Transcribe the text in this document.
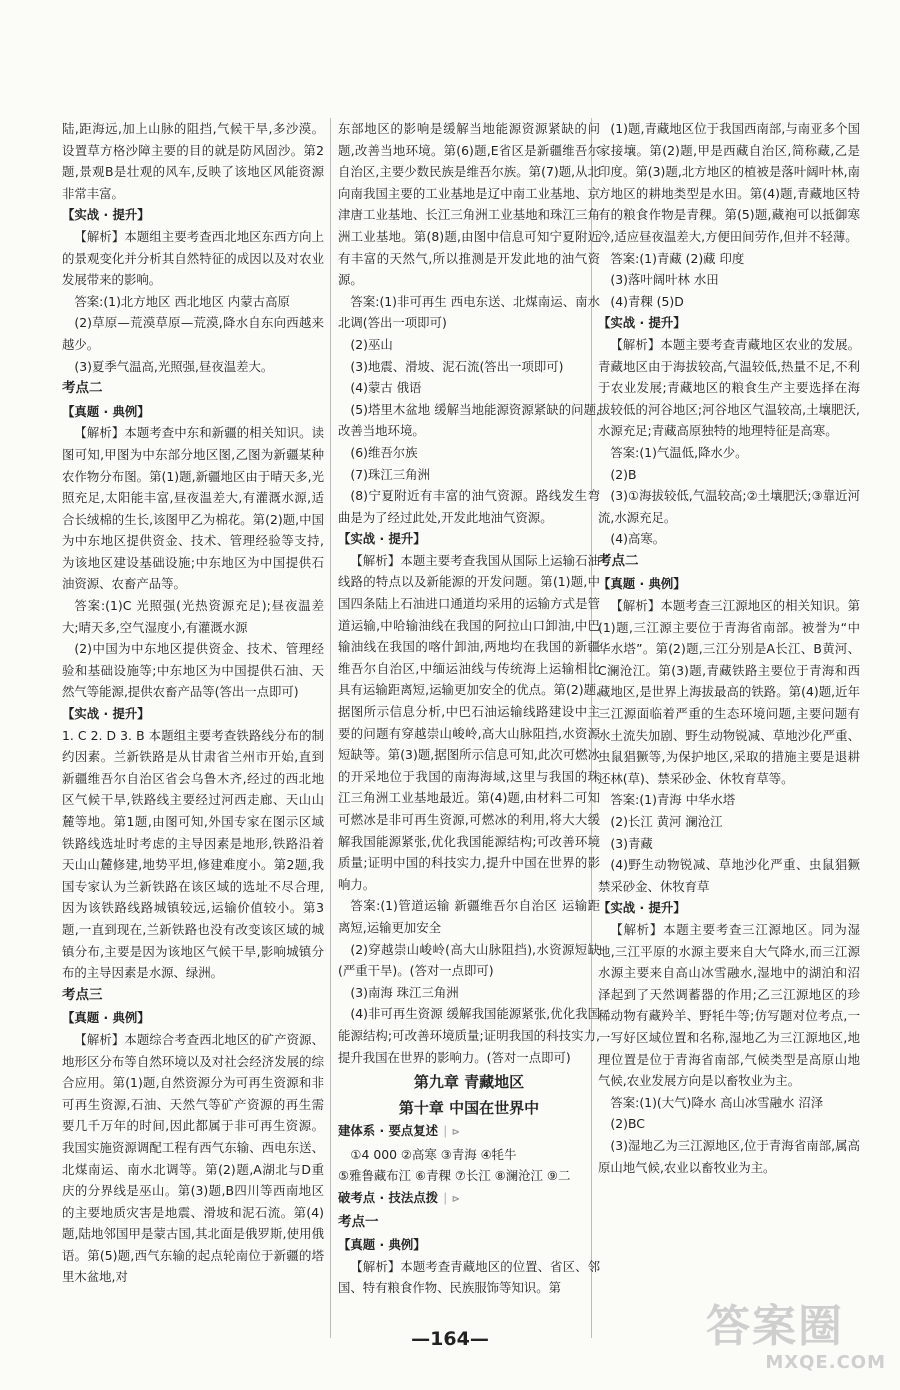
陆,距海远,加上山脉的阻挡,气候干旱,多沙漠。设置草方格沙障主要的目的就是防风固沙。第2题,景观B是壮观的风车,反映了该地区风能资源非常丰富。

【实战 · 提升】

【解析】本题组主要考查西北地区东西方向上的景观变化并分析其自然特征的成因以及对农业发展带来的影响。

答案:(1)北方地区 西北地区 内蒙古高原

(2)草原—荒漠草原—荒漠,降水自东向西越来越少。

(3)夏季气温高,光照强,昼夜温差大。

考点二

【真题 · 典例】

【解析】本题考查中东和新疆的相关知识。读图可知,甲图为中东部分地区图,乙图为新疆某种农作物分布图。第(1)题,新疆地区由于晴天多,光照充足,太阳能丰富,昼夜温差大,有灌溉水源,适合长绒棉的生长,该图甲乙为棉花。第(2)题,中国为中东地区提供资金、技术、管理经验等支持,为该地区建设基础设施;中东地区为中国提供石油资源、农畜产品等。

答案:(1)C 光照强(光热资源充足);昼夜温差大;晴天多,空气湿度小,有灌溉水源

(2)中国为中东地区提供资金、技术、管理经验和基础设施等;中东地区为中国提供石油、天然气等能源,提供农畜产品等(答出一点即可)

【实战 · 提升】

1. C 2. D 3. B 本题组主要考查铁路线分布的制约因素。兰新铁路是从甘肃省兰州市开始,直到新疆维吾尔自治区省会乌鲁木齐,经过的西北地区气候干旱,铁路线主要经过河西走廊、天山山麓等地。第1题,由图可知,外国专家在图示区域铁路线选址时考虑的主导因素是地形,铁路沿着天山山麓修建,地势平坦,修建难度小。第2题,我国专家认为兰新铁路在该区域的选址不尽合理,因为该铁路线路城镇较远,运输价值较小。第3题,一直到现在,兰新铁路也没有改变该区域的城镇分布,主要是因为该地区气候干旱,影响城镇分布的主导因素是水源、绿洲。

考点三

【真题 · 典例】

【解析】本题综合考查西北地区的矿产资源、地形区分布等自然环境以及对社会经济发展的综合应用。第(1)题,自然资源分为可再生资源和非可再生资源,石油、天然气等矿产资源的再生需要几千万年的时间,因此都属于非可再生资源。我国实施资源调配工程有西气东输、西电东送、北煤南运、南水北调等。第(2)题,A湖北与D重庆的分界线是巫山。第(3)题,B四川等西南地区的主要地质灾害是地震、滑坡和泥石流。第(4)题,陆地邻国甲是蒙古国,其北面是俄罗斯,使用俄语。第(5)题,西气东输的起点轮南位于新疆的塔里木盆地,对

东部地区的影响是缓解当地能源资源紧缺的问题,改善当地环境。第(6)题,E省区是新疆维吾尔自治区,主要少数民族是维吾尔族。第(7)题,从北向南我国主要的工业基地是辽中南工业基地、京津唐工业基地、长江三角洲工业基地和珠江三角洲工业基地。第(8)题,由图中信息可知宁夏附近有丰富的天然气,所以推测是开发此地的油气资源。

答案:(1)非可再生 西电东送、北煤南运、南水北调(答出一项即可)

(2)巫山

(3)地震、滑坡、泥石流(答出一项即可)

(4)蒙古 俄语

(5)塔里木盆地 缓解当地能源资源紧缺的问题,改善当地环境。

(6)维吾尔族

(7)珠江三角洲

(8)宁夏附近有丰富的油气资源。路线发生弯曲是为了经过此处,开发此地油气资源。

【实战 · 提升】

【解析】本题主要考查我国从国际上运输石油线路的特点以及新能源的开发问题。第(1)题,中国四条陆上石油进口通道均采用的运输方式是管道运输,中哈输油线在我国的阿拉山口卸油,中巴输油线在我国的喀什卸油,两地均在我国的新疆维吾尔自治区,中缅运油线与传统海上运输相比具有运输距离短,运输更加安全的优点。第(2)题,据图所示信息分析,中巴石油运输线路建设中主要的问题有穿越崇山峻岭,高大山脉阻挡,水资源短缺等。第(3)题,据图所示信息可知,此次可燃冰的开采地位于我国的南海海域,这里与我国的珠江三角洲工业基地最近。第(4)题,由材料二可知可燃冰是非可再生资源,可燃冰的利用,将大大缓解我国能源紧张,优化我国能源结构;可改善环境质量;证明中国的科技实力,提升中国在世界的影响力。

答案:(1)管道运输 新疆维吾尔自治区 运输距离短,运输更加安全

(2)穿越崇山峻岭(高大山脉阻挡),水资源短缺(严重干旱)。(答对一点即可)

(3)南海 珠江三角洲

(4)非可再生资源 缓解我国能源紧张,优化我国能源结构;可改善环境质量;证明我国的科技实力,提升我国在世界的影响力。(答对一点即可)

第九章 青藏地区

第十章 中国在世界中

建体系 · 要点复述 │ ⊳

①4 000 ②高寒 ③青海 ④牦牛

⑤雅鲁藏布江 ⑥青稞 ⑦长江 ⑧澜沧江 ⑨二

破考点 · 技法点拨 │ ⊳

考点一

【真题 · 典例】

【解析】本题考查青藏地区的位置、省区、邻国、特有粮食作物、民族服饰等知识。第

(1)题,青藏地区位于我国西南部,与南亚多个国家接壤。第(2)题,甲是西藏自治区,简称藏,乙是印度。第(3)题,北方地区的植被是落叶阔叶林,南方地区的耕地类型是水田。第(4)题,青藏地区特有的粮食作物是青稞。第(5)题,藏袍可以抵御寒冷,适应昼夜温差大,方便田间劳作,但并不轻薄。

答案:(1)青藏 (2)藏 印度

(3)落叶阔叶林 水田

(4)青稞 (5)D

【实战 · 提升】

【解析】本题主要考查青藏地区农业的发展。青藏地区由于海拔较高,气温较低,热量不足,不利于农业发展;青藏地区的粮食生产主要选择在海拔较低的河谷地区;河谷地区气温较高,土壤肥沃,水源充足;青藏高原独特的地理特征是高寒。

答案:(1)气温低,降水少。

(2)B

(3)①海拔较低,气温较高;②土壤肥沃;③靠近河流,水源充足。

(4)高寒。

考点二

【真题 · 典例】

【解析】本题考查三江源地区的相关知识。第(1)题,三江源主要位于青海省南部。被誉为“中华水塔”。第(2)题,三江分别是A长江、B黄河、C澜沧江。第(3)题,青藏铁路主要位于青海和西藏地区,是世界上海拔最高的铁路。第(4)题,近年三江源面临着严重的生态环境问题,主要问题有水土流失加剧、野生动物锐减、草地沙化严重、虫鼠猖獗等,为保护地区,采取的措施主要是退耕还林(草)、禁采砂金、休牧育草等。

答案:(1)青海 中华水塔

(2)长江 黄河 澜沧江

(3)青藏

(4)野生动物锐减、草地沙化严重、虫鼠猖獗 禁采砂金、休牧育草

【实战 · 提升】

【解析】本题主要考查三江源地区。同为湿地,三江平原的水源主要来自大气降水,而三江源水源主要来自高山冰雪融水,湿地中的湖泊和沼泽起到了天然调蓄器的作用;乙三江源地区的珍稀动物有藏羚羊、野牦牛等;仿写题对位考点,一一写好区域位置和名称,湿地乙为三江源地区,地理位置是位于青海省南部,气候类型是高原山地气候,农业发展方向是以畜牧业为主。

答案:(1)(大气)降水 高山冰雪融水 沼泽

(2)BC

(3)湿地乙为三江源地区,位于青海省南部,属高原山地气候,农业以畜牧业为主。

—164—	答案圈
MXQE.COM
